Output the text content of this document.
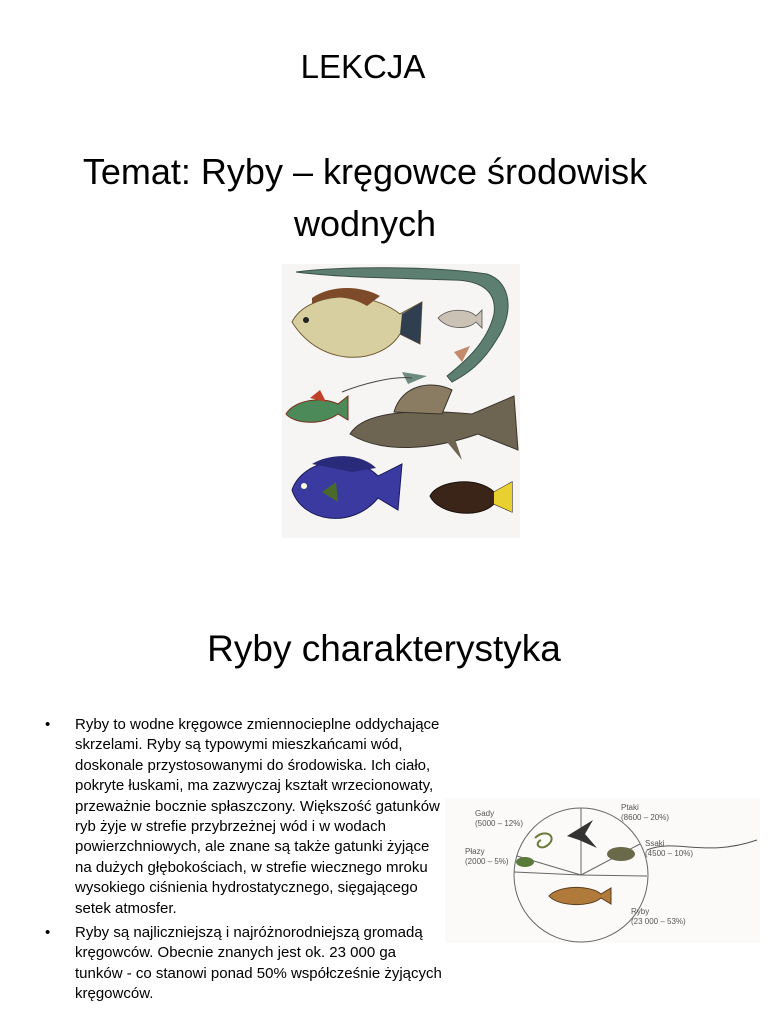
LEKCJA
Temat: Ryby – kręgowce środowisk wodnych
Ryby charakterystyka
• Ryby to wodne kręgowce zmiennocieplne oddychające skrzelami. Ryby są typowymi mieszkańcami wód, doskonale przystosowanymi do środowiska. Ich ciało, pokryte łuskami, ma zazwyczaj kształt wrzecionowaty, przeważnie bocznie spłaszczony. Większość gatunków ryb żyje w strefie przybrzeżnej wód i w wodach powierzchniowych, ale znane są także gatunki żyjące na dużych głębokościach, w strefie wiecznego mroku wysokiego ciśnienia hydrostatycznego, sięgającego setek atmosfer.
• Ryby są najliczniejszą i najróżnorodniejszą gromadą kręgowców. Obecnie znanych jest ok. 23 000 ga tunków - co stanowi ponad 50% współcześnie żyjących kręgowców.
Gady
(5000 – 12%)
Ptaki
(8600 – 20%)
Ssaki
(4500 – 10%)
Płazy
(2000 – 5%)
Ryby
(23 000 – 53%)
